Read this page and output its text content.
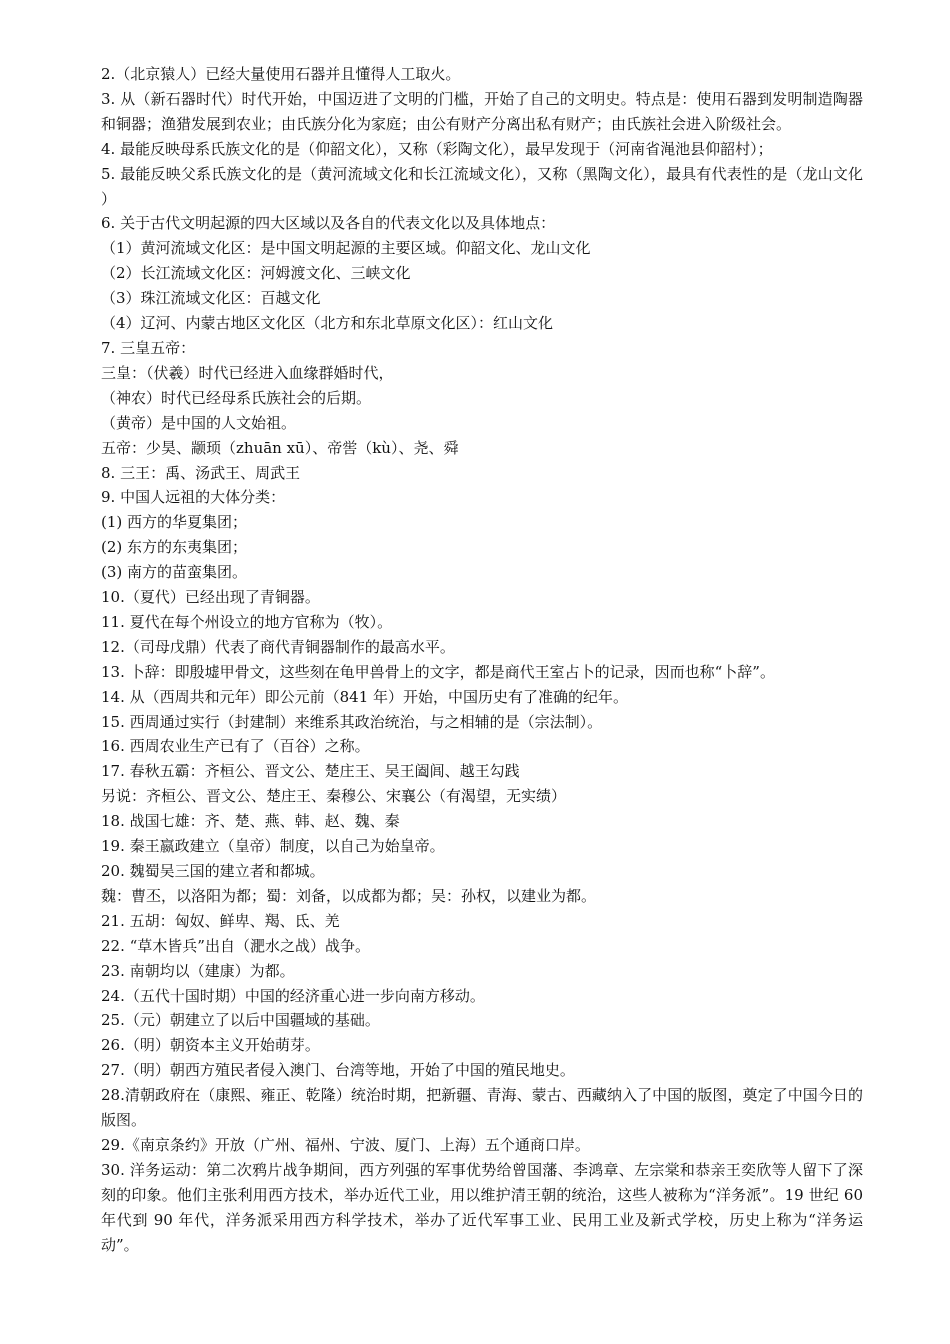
2.（北京猿人）已经大量使用石器并且懂得人工取火。

3. 从（新石器时代）时代开始，中国迈进了文明的门槛，开始了自己的文明史。特点是：使用石器到发明制造陶器和铜器；渔猎发展到农业；由氏族分化为家庭；由公有财产分离出私有财产；由氏族社会进入阶级社会。

4. 最能反映母系氏族文化的是（仰韶文化），又称（彩陶文化），最早发现于（河南省渑池县仰韶村）；

5. 最能反映父系氏族文化的是（黄河流域文化和长江流域文化），又称（黑陶文化），最具有代表性的是（龙山文化 ）

6. 关于古代文明起源的四大区域以及各自的代表文化以及具体地点：

（1）黄河流域文化区：是中国文明起源的主要区域。仰韶文化、龙山文化

（2）长江流域文化区：河姆渡文化、三峡文化

（3）珠江流域文化区：百越文化

（4）辽河、内蒙古地区文化区（北方和东北草原文化区）：红山文化

7. 三皇五帝：

三皇：（伏羲）时代已经进入血缘群婚时代，

（神农）时代已经母系氏族社会的后期。

（黄帝）是中国的人文始祖。

五帝：少昊、颛顼（zhuān xū）、帝喾（kù）、尧、舜

8. 三王：禹、汤武王、周武王

9. 中国人远祖的大体分类：

(1) 西方的华夏集团；

(2) 东方的东夷集团；

(3) 南方的苗蛮集团。

10.（夏代）已经出现了青铜器。

11. 夏代在每个州设立的地方官称为（牧）。

12.（司母戊鼎）代表了商代青铜器制作的最高水平。

13. 卜辞：即殷墟甲骨文，这些刻在龟甲兽骨上的文字，都是商代王室占卜的记录，因而也称“卜辞”。

14. 从（西周共和元年）即公元前（841 年）开始，中国历史有了准确的纪年。

15. 西周通过实行（封建制）来维系其政治统治，与之相辅的是（宗法制）。

16. 西周农业生产已有了（百谷）之称。

17. 春秋五霸：齐桓公、晋文公、楚庄王、吴王阖闾、越王勾践

另说：齐桓公、晋文公、楚庄王、秦穆公、宋襄公（有渴望，无实绩）

18. 战国七雄：齐、楚、燕、韩、赵、魏、秦

19. 秦王嬴政建立（皇帝）制度，以自己为始皇帝。

20. 魏蜀吴三国的建立者和都城。

魏：曹丕，以洛阳为都；蜀：刘备，以成都为都；吴：孙权，以建业为都。

21. 五胡：匈奴、鲜卑、羯、氐、羌

22. “草木皆兵”出自（淝水之战）战争。

23. 南朝均以（建康）为都。

24.（五代十国时期）中国的经济重心进一步向南方移动。

25.（元）朝建立了以后中国疆域的基础。

26.（明）朝资本主义开始萌芽。

27.（明）朝西方殖民者侵入澳门、台湾等地，开始了中国的殖民地史。

28.清朝政府在（康熙、雍正、乾隆）统治时期，把新疆、青海、蒙古、西藏纳入了中国的版图，奠定了中国今日的版图。

29.《南京条约》开放（广州、福州、宁波、厦门、上海）五个通商口岸。

30. 洋务运动：第二次鸦片战争期间，西方列强的军事优势给曾国藩、李鸿章、左宗棠和恭亲王奕欣等人留下了深刻的印象。他们主张利用西方技术，举办近代工业，用以维护清王朝的统治，这些人被称为“洋务派”。19 世纪 60 年代到 90 年代，洋务派采用西方科学技术，举办了近代军事工业、民用工业及新式学校，历史上称为“洋务运动”。
